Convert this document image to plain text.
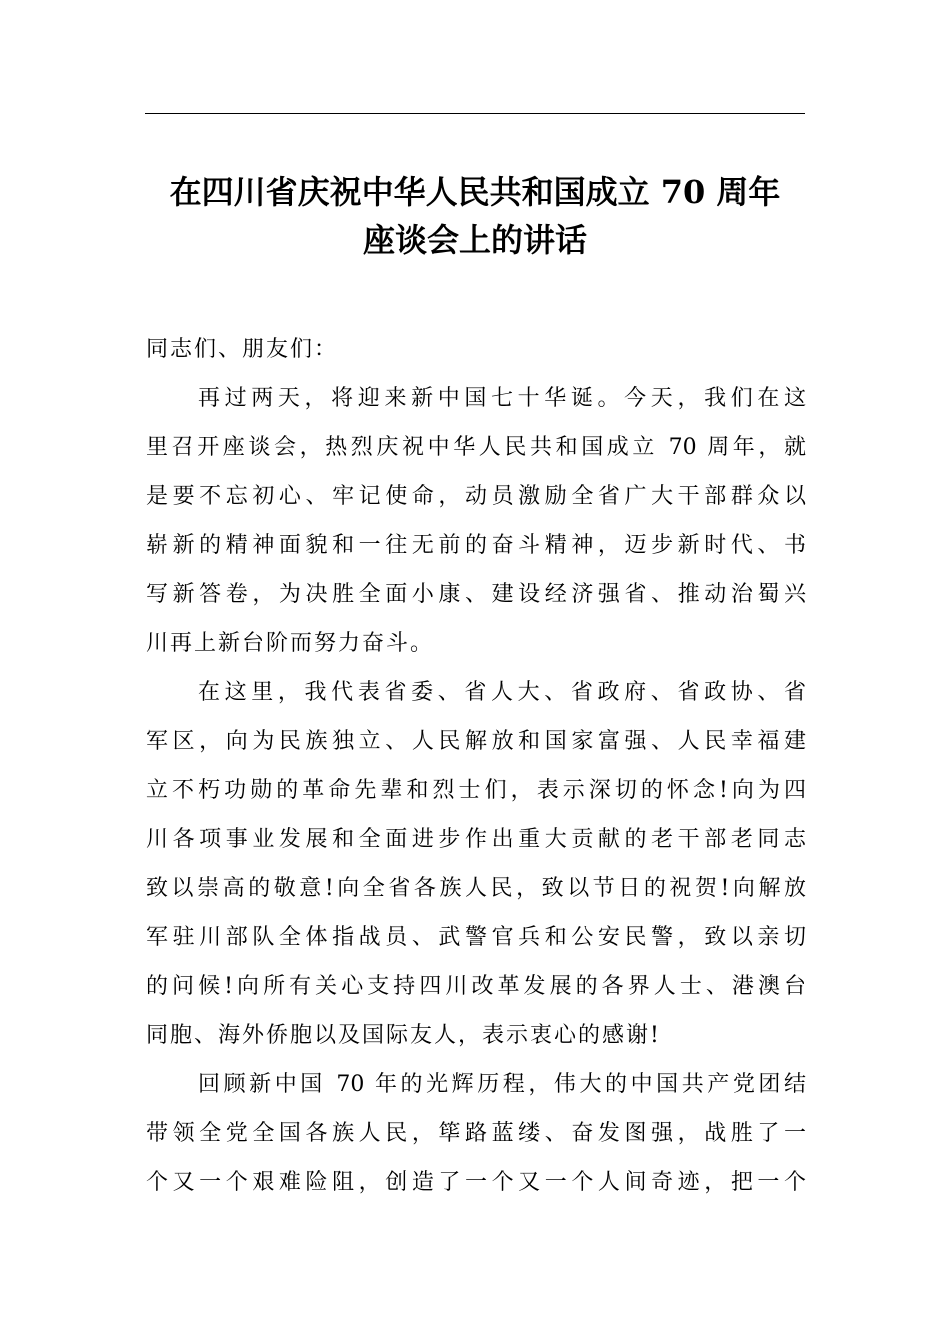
在四川省庆祝中华人民共和国成立 70 周年
座谈会上的讲话
同志们、朋友们：
再过两天，将迎来新中国七十华诞。今天，我们在这
里召开座谈会，热烈庆祝中华人民共和国成立 70 周年，就
是要不忘初心、牢记使命，动员激励全省广大干部群众以
崭新的精神面貌和一往无前的奋斗精神，迈步新时代、书
写新答卷，为决胜全面小康、建设经济强省、推动治蜀兴
川再上新台阶而努力奋斗。
在这里，我代表省委、省人大、省政府、省政协、省
军区，向为民族独立、人民解放和国家富强、人民幸福建
立不朽功勋的革命先辈和烈士们，表示深切的怀念!向为四
川各项事业发展和全面进步作出重大贡献的老干部老同志
致以崇高的敬意!向全省各族人民，致以节日的祝贺!向解放
军驻川部队全体指战员、武警官兵和公安民警，致以亲切
的问候!向所有关心支持四川改革发展的各界人士、港澳台
同胞、海外侨胞以及国际友人，表示衷心的感谢!
回顾新中国 70 年的光辉历程，伟大的中国共产党团结
带领全党全国各族人民，筚路蓝缕、奋发图强，战胜了一
个又一个艰难险阻，创造了一个又一个人间奇迹，把一个
